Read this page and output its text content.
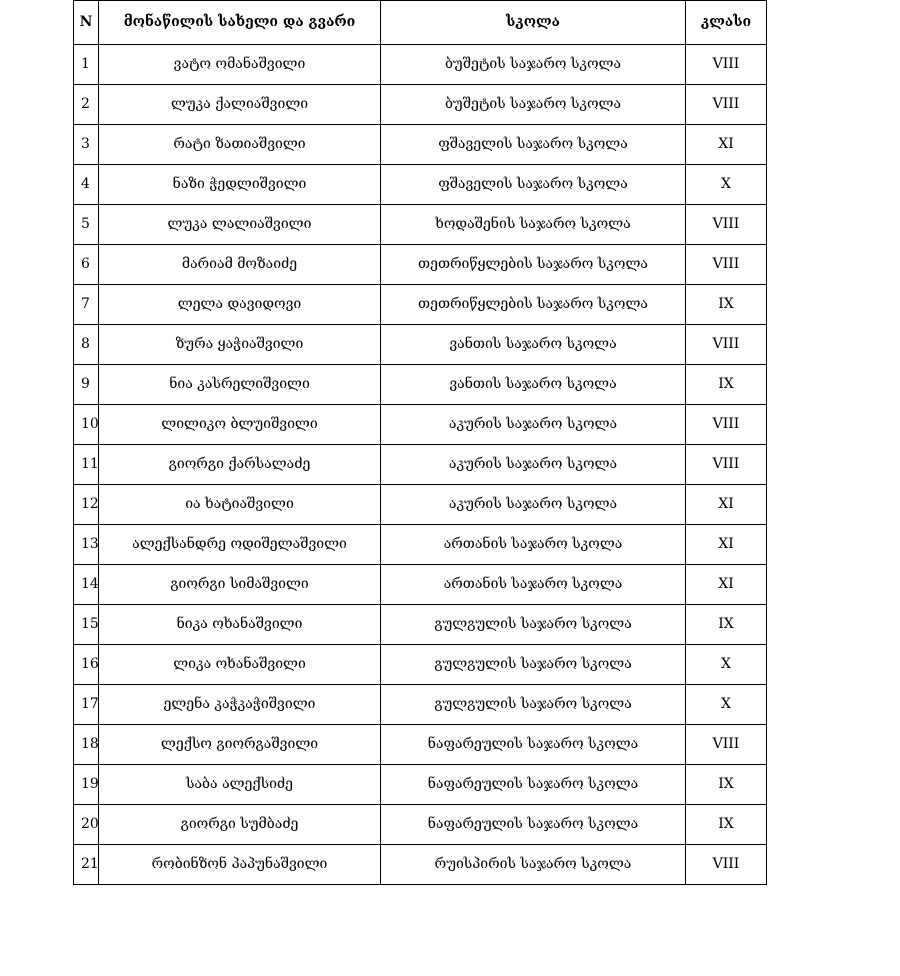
N	მონაწილის სახელი და გვარი	სკოლა	კლასი
1	ვატო ომანაშვილი	ბუშეტის საჯარო სკოლა	VIII
2	ლუკა ქალიაშვილი	ბუშეტის საჯარო სკოლა	VIII
3	რატი ზათიაშვილი	ფშაველის საჯარო სკოლა	XI
4	ნაზი ჭედლიშვილი	ფშაველის საჯარო სკოლა	X
5	ლუკა ლალიაშვილი	ხოდაშენის საჯარო სკოლა	VIII
6	მარიამ მოზაიძე	თეთრიწყლების საჯარო სკოლა	VIII
7	ლელა დავიდოვი	თეთრიწყლების საჯარო სკოლა	IX
8	ზურა ყაჭიაშვილი	ვანთის საჯარო სკოლა	VIII
9	ნია კასრელიშვილი	ვანთის საჯარო სკოლა	IX
10	ლილიკო ბლუიშვილი	აკურის საჯარო სკოლა	VIII
11	გიორგი ქარსალაძე	აკურის საჯარო სკოლა	VIII
12	ია ხატიაშვილი	აკურის საჯარო სკოლა	XI
13	ალექსანდრე ოდიშელაშვილი	ართანის საჯარო სკოლა	XI
14	გიორგი სიმაშვილი	ართანის საჯარო სკოლა	XI
15	ნიკა ოხანაშვილი	გულგულის საჯარო სკოლა	IX
16	ლიკა ოხანაშვილი	გულგულის საჯარო სკოლა	X
17	ელენა კაჭკაჭიშვილი	გულგულის საჯარო სკოლა	X
18	ლექსო გიორგაშვილი	ნაფარეულის საჯარო სკოლა	VIII
19	საბა ალექსიძე	ნაფარეულის საჯარო სკოლა	IX
20	გიორგი სუმბაძე	ნაფარეულის საჯარო სკოლა	IX
21	რობინზონ პაპუნაშვილი	რუისპირის საჯარო სკოლა	VIII
